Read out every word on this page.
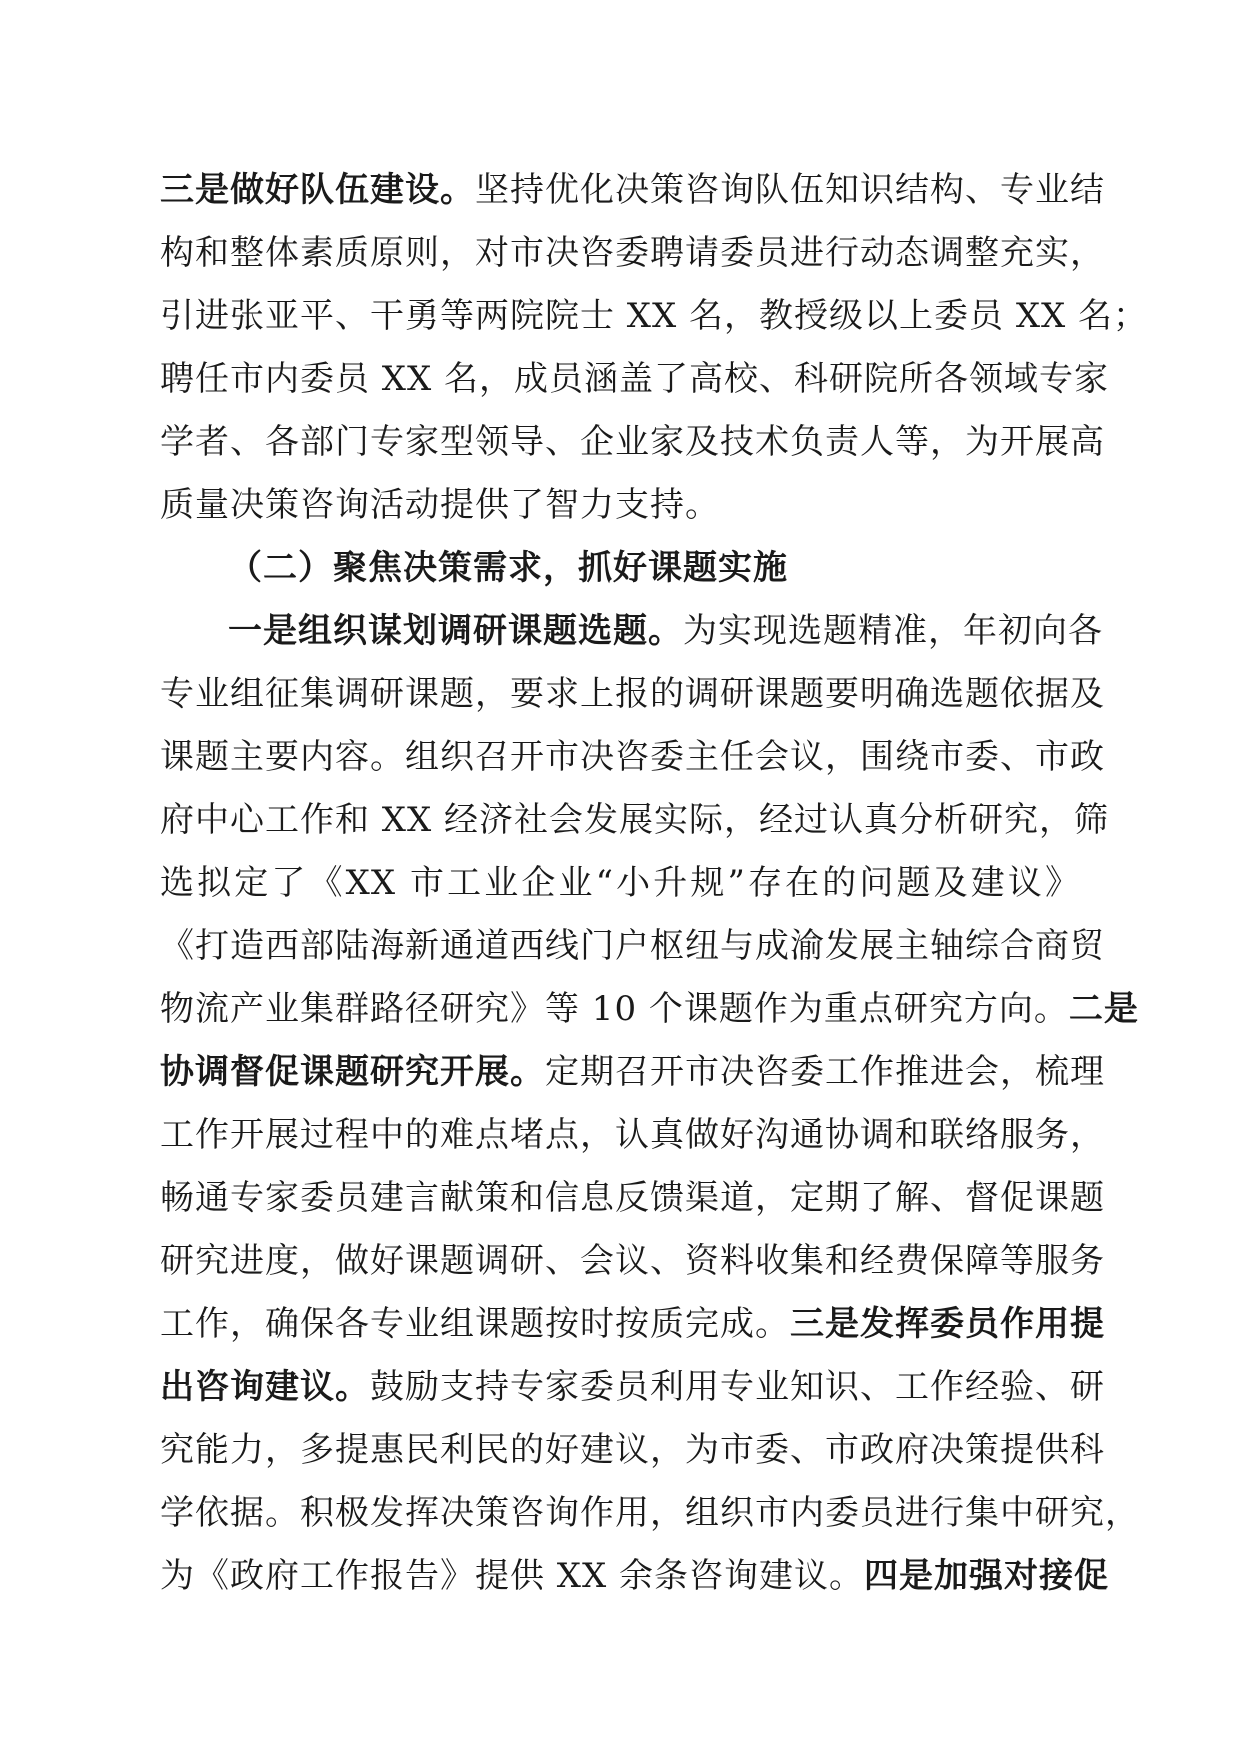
三是做好队伍建设。坚持优化决策咨询队伍知识结构、专业结
构和整体素质原则，对市决咨委聘请委员进行动态调整充实，
引进张亚平、干勇等两院院士 XX 名，教授级以上委员 XX 名；
聘任市内委员 XX 名，成员涵盖了高校、科研院所各领域专家
学者、各部门专家型领导、企业家及技术负责人等，为开展高
质量决策咨询活动提供了智力支持。
（二）聚焦决策需求，抓好课题实施
一是组织谋划调研课题选题。为实现选题精准，年初向各
专业组征集调研课题，要求上报的调研课题要明确选题依据及
课题主要内容。组织召开市决咨委主任会议，围绕市委、市政
府中心工作和 XX 经济社会发展实际，经过认真分析研究，筛
选拟定了《XX 市工业企业“小升规”存在的问题及建议》
《打造西部陆海新通道西线门户枢纽与成渝发展主轴综合商贸
物流产业集群路径研究》等 10 个课题作为重点研究方向。二是
协调督促课题研究开展。定期召开市决咨委工作推进会，梳理
工作开展过程中的难点堵点，认真做好沟通协调和联络服务，
畅通专家委员建言献策和信息反馈渠道，定期了解、督促课题
研究进度，做好课题调研、会议、资料收集和经费保障等服务
工作，确保各专业组课题按时按质完成。三是发挥委员作用提
出咨询建议。鼓励支持专家委员利用专业知识、工作经验、研
究能力，多提惠民利民的好建议，为市委、市政府决策提供科
学依据。积极发挥决策咨询作用，组织市内委员进行集中研究，
为《政府工作报告》提供 XX 余条咨询建议。四是加强对接促
